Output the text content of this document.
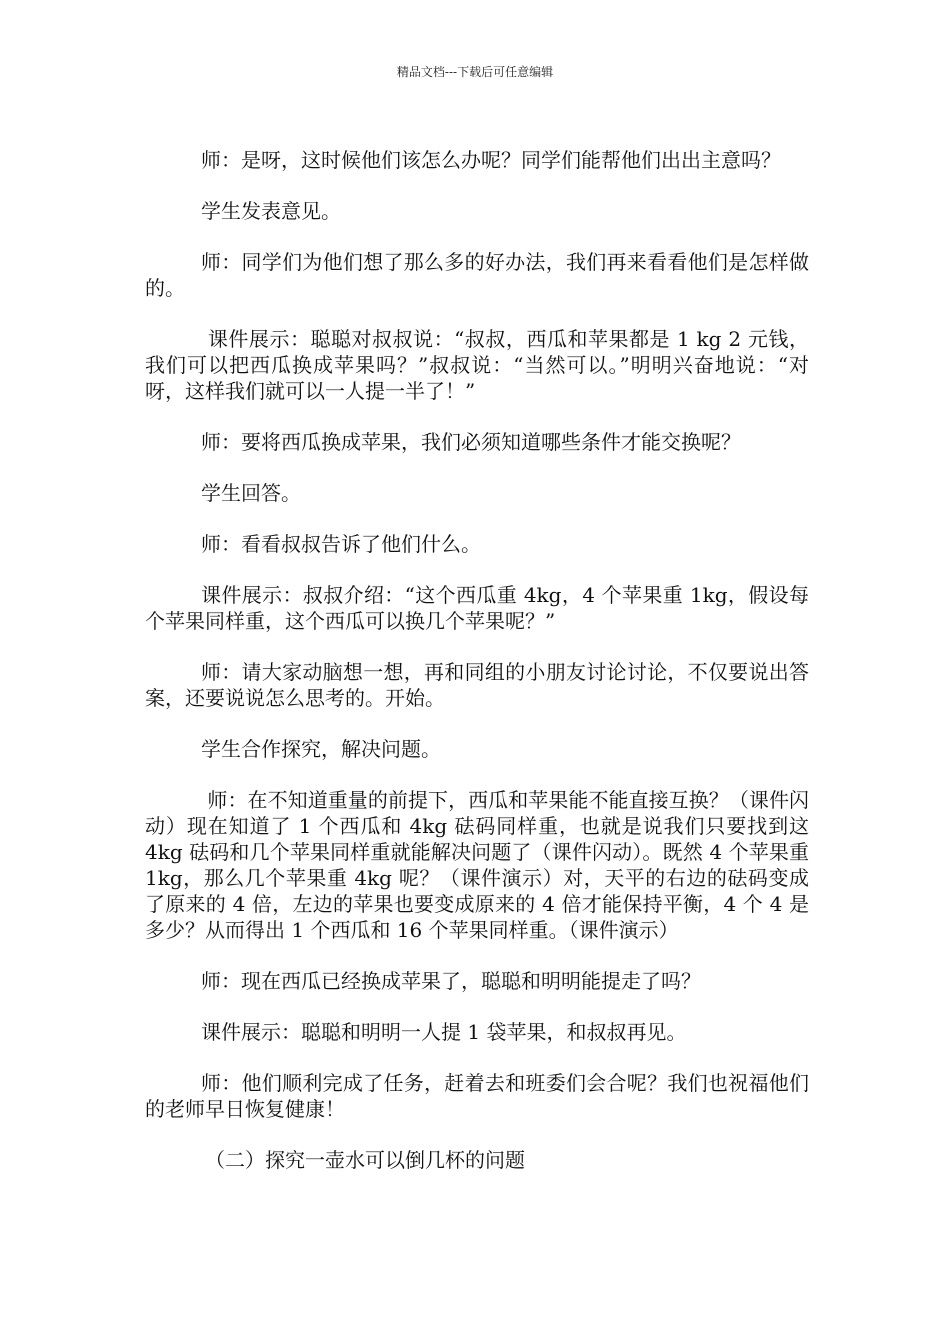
精品文档---下载后可任意编辑

师：是呀，这时候他们该怎么办呢？同学们能帮他们出出主意吗？

学生发表意见。

师：同学们为他们想了那么多的好办法，我们再来看看他们是怎样做的。

课件展示：聪聪对叔叔说：“叔叔，西瓜和苹果都是 1 kg 2 元钱，我们可以把西瓜换成苹果吗？”叔叔说：“当然可以。”明明兴奋地说：“对呀，这样我们就可以一人提一半了！”

师：要将西瓜换成苹果，我们必须知道哪些条件才能交换呢？

学生回答。

师：看看叔叔告诉了他们什么。

课件展示：叔叔介绍：“这个西瓜重 4kg，4 个苹果重 1kg，假设每个苹果同样重，这个西瓜可以换几个苹果呢？”

师：请大家动脑想一想，再和同组的小朋友讨论讨论，不仅要说出答案，还要说说怎么思考的。开始。

学生合作探究，解决问题。

师：在不知道重量的前提下，西瓜和苹果能不能直接互换？（课件闪动）现在知道了 1 个西瓜和 4kg 砝码同样重，也就是说我们只要找到这 4kg 砝码和几个苹果同样重就能解决问题了（课件闪动）。既然 4 个苹果重 1kg，那么几个苹果重 4kg 呢？（课件演示）对，天平的右边的砝码变成了原来的 4 倍，左边的苹果也要变成原来的 4 倍才能保持平衡，4 个 4 是多少？从而得出 1 个西瓜和 16 个苹果同样重。（课件演示）

师：现在西瓜已经换成苹果了，聪聪和明明能提走了吗？

课件展示：聪聪和明明一人提 1 袋苹果，和叔叔再见。

师：他们顺利完成了任务，赶着去和班委们会合呢？我们也祝福他们的老师早日恢复健康！

（二）探究一壶水可以倒几杯的问题
